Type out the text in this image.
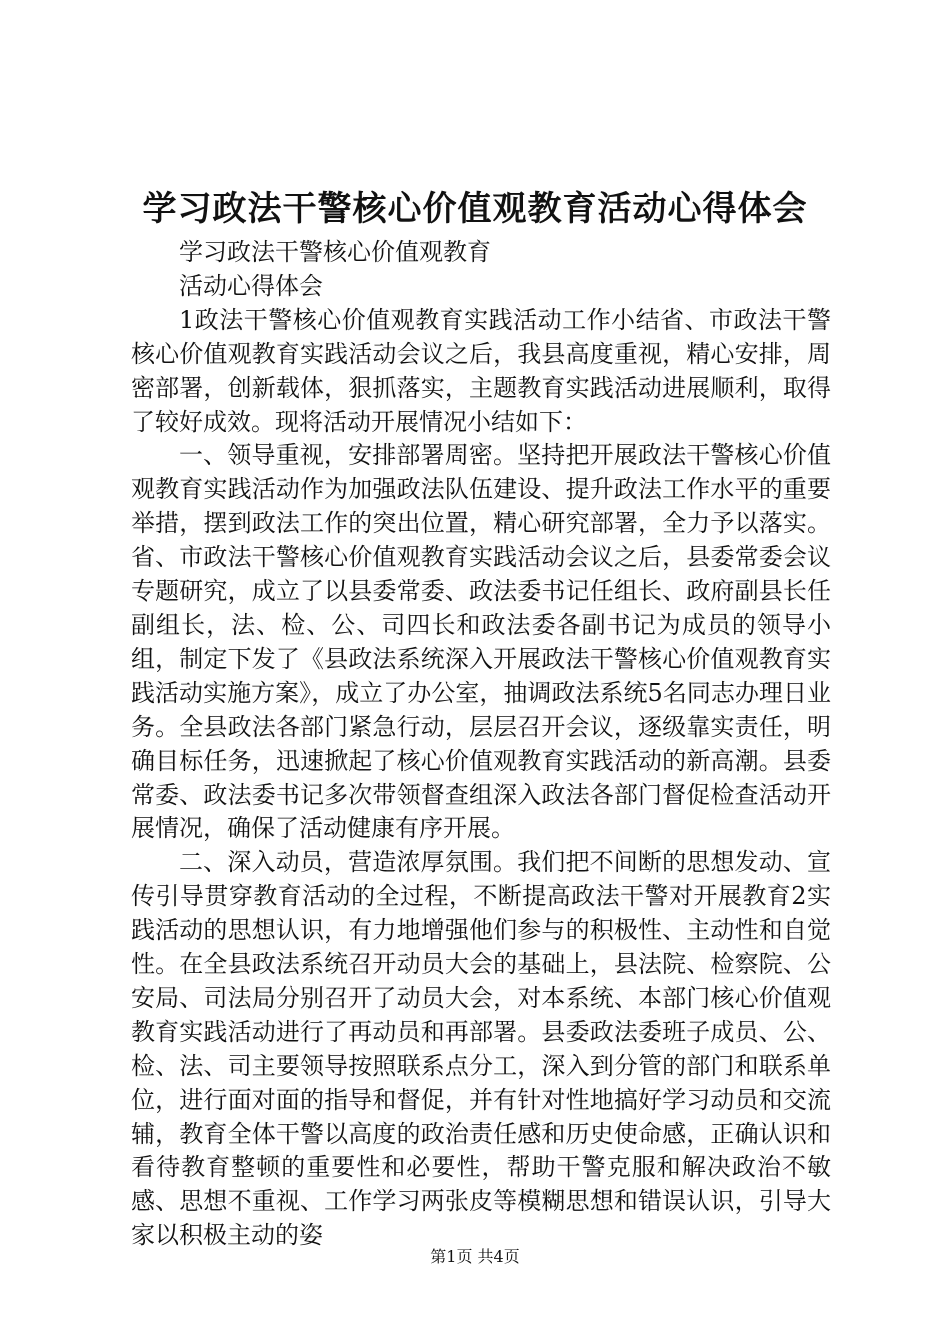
学习政法干警核心价值观教育活动心得体会

学习政法干警核心价值观教育

活动心得体会

1政法干警核心价值观教育实践活动工作小结省、市政法干警核心价值观教育实践活动会议之后，我县高度重视，精心安排，周密部署，创新载体，狠抓落实，主题教育实践活动进展顺利，取得了较好成效。现将活动开展情况小结如下：

一、领导重视，安排部署周密。坚持把开展政法干警核心价值观教育实践活动作为加强政法队伍建设、提升政法工作水平的重要举措，摆到政法工作的突出位置，精心研究部署，全力予以落实。省、市政法干警核心价值观教育实践活动会议之后，县委常委会议专题研究，成立了以县委常委、政法委书记任组长、政府副县长任副组长，法、检、公、司四长和政法委各副书记为成员的领导小组，制定下发了《县政法系统深入开展政法干警核心价值观教育实践活动实施方案》，成立了办公室，抽调政法系统5名同志办理日业务。全县政法各部门紧急行动，层层召开会议，逐级靠实责任，明确目标任务，迅速掀起了核心价值观教育实践活动的新高潮。县委常委、政法委书记多次带领督查组深入政法各部门督促检查活动开展情况，确保了活动健康有序开展。

二、深入动员，营造浓厚氛围。我们把不间断的思想发动、宣传引导贯穿教育活动的全过程，不断提高政法干警对开展教育2实践活动的思想认识，有力地增强他们参与的积极性、主动性和自觉性。在全县政法系统召开动员大会的基础上，县法院、检察院、公安局、司法局分别召开了动员大会，对本系统、本部门核心价值观教育实践活动进行了再动员和再部署。县委政法委班子成员、公、检、法、司主要领导按照联系点分工，深入到分管的部门和联系单位，进行面对面的指导和督促，并有针对性地搞好学习动员和交流辅，教育全体干警以高度的政治责任感和历史使命感，正确认识和看待教育整顿的重要性和必要性，帮助干警克服和解决政治不敏感、思想不重视、工作学习两张皮等模糊思想和错误认识，引导大家以积极主动的姿

第1页 共4页
